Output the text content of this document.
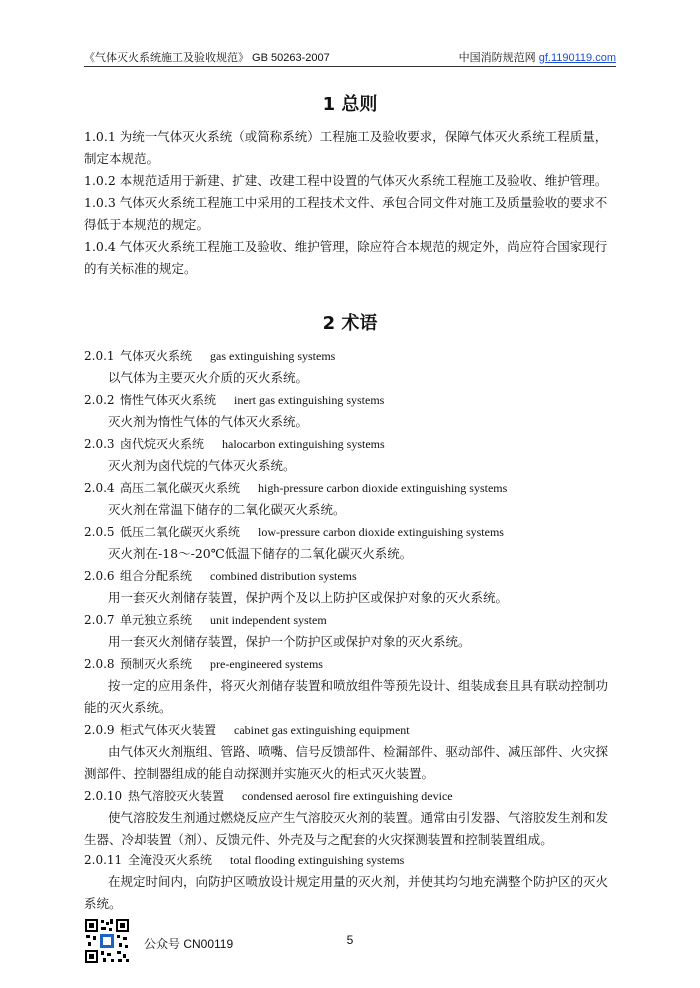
《气体灭火系统施工及验收规范》 GB 50263-2007	中国消防规范网 gf.1190119.com
1 总则
1.0.1 为统一气体灭火系统（或简称系统）工程施工及验收要求，保障气体灭火系统工程质量，制定本规范。
1.0.2 本规范适用于新建、扩建、改建工程中设置的气体灭火系统工程施工及验收、维护管理。
1.0.3 气体灭火系统工程施工中采用的工程技术文件、承包合同文件对施工及质量验收的要求不得低于本规范的规定。
1.0.4 气体灭火系统工程施工及验收、维护管理，除应符合本规范的规定外，尚应符合国家现行的有关标准的规定。
2 术语
2.0.1 气体灭火系统 gas extinguishing systems
以气体为主要灭火介质的灭火系统。
2.0.2 惰性气体灭火系统 inert gas extinguishing systems
灭火剂为惰性气体的气体灭火系统。
2.0.3 卤代烷灭火系统 halocarbon extinguishing systems
灭火剂为卤代烷的气体灭火系统。
2.0.4 高压二氧化碳灭火系统 high-pressure carbon dioxide extinguishing systems
灭火剂在常温下储存的二氧化碳灭火系统。
2.0.5 低压二氧化碳灭火系统 low-pressure carbon dioxide extinguishing systems
灭火剂在-18～-20℃低温下储存的二氧化碳灭火系统。
2.0.6 组合分配系统 combined distribution systems
用一套灭火剂储存装置，保护两个及以上防护区或保护对象的灭火系统。
2.0.7 单元独立系统 unit independent system
用一套灭火剂储存装置，保护一个防护区或保护对象的灭火系统。
2.0.8 预制灭火系统 pre-engineered systems
按一定的应用条件，将灭火剂储存装置和喷放组件等预先设计、组装成套且具有联动控制功能的灭火系统。
2.0.9 柜式气体灭火装置 cabinet gas extinguishing equipment
由气体灭火剂瓶组、管路、喷嘴、信号反馈部件、检漏部件、驱动部件、减压部件、火灾探测部件、控制器组成的能自动探测并实施灭火的柜式灭火装置。
2.0.10 热气溶胶灭火装置 condensed aerosol fire extinguishing device
使气溶胶发生剂通过燃烧反应产生气溶胶灭火剂的装置。通常由引发器、气溶胶发生剂和发生器、冷却装置（剂）、反馈元件、外壳及与之配套的火灾探测装置和控制装置组成。
2.0.11 全淹没灭火系统 total flooding extinguishing systems
在规定时间内，向防护区喷放设计规定用量的灭火剂，并使其均匀地充满整个防护区的灭火系统。
公众号 CN00119	5
